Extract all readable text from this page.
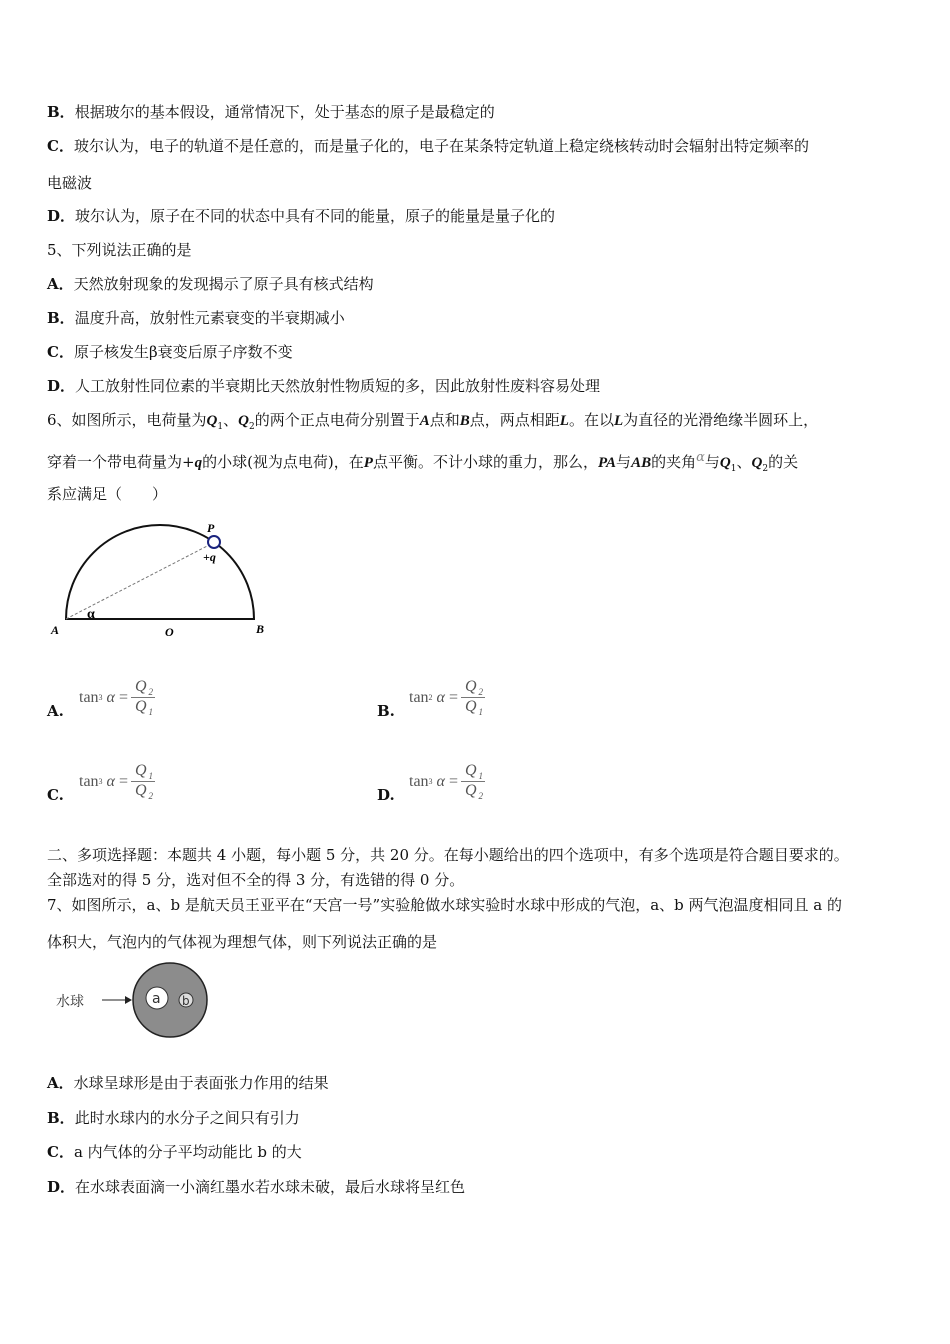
B．根据玻尔的基本假设，通常情况下，处于基态的原子是最稳定的
C．玻尔认为，电子的轨道不是任意的，而是量子化的，电子在某条特定轨道上稳定绕核转动时会辐射出特定频率的
电磁波
D．玻尔认为，原子在不同的状态中具有不同的能量，原子的能量是量子化的
5、下列说法正确的是
A．天然放射现象的发现揭示了原子具有核式结构
B．温度升高，放射性元素衰变的半衰期减小
C．原子核发生β衰变后原子序数不变
D．人工放射性同位素的半衰期比天然放射性物质短的多，因此放射性废料容易处理
6、如图所示，电荷量为$Q_1$、$Q_2$的两个正点电荷分别置于A点和B点，两点相距L。在以L为直径的光滑绝缘半圆环上，
穿着一个带电荷量为+q的小球(视为点电荷)，在P点平衡。不计小球的重力，那么，PA与AB的夹角α与$Q_1$、$Q_2$的关
系应满足（　　）
P
+q
α
A	O	B
A.
tan 3
α
= $\frac{Q _2}{Q _1}$	B.
tan 2
α
= $\frac{Q _2}{Q _1}$
C.
tan 3
α
= $\frac{Q _1}{Q _2}$	D.
tan 3
α
= $\frac{Q _1}{Q _2}$
二、多项选择题：本题共 4 小题，每小题 5 分，共 20 分。在每小题给出的四个选项中，有多个选项是符合题目要求的。
全部选对的得 5 分，选对但不全的得 3 分，有选错的得 0 分。
7、如图所示，a、b 是航天员王亚平在“天宫一号”实验舱做水球实验时水球中形成的气泡，a、b 两气泡温度相同且 a 的
体积大，气泡内的气体视为理想气体，则下列说法正确的是
水球	a b
A．水球呈球形是由于表面张力作用的结果
B．此时水球内的水分子之间只有引力
C．a 内气体的分子平均动能比 b 的大
D．在水球表面滴一小滴红墨水若水球未破，最后水球将呈红色
